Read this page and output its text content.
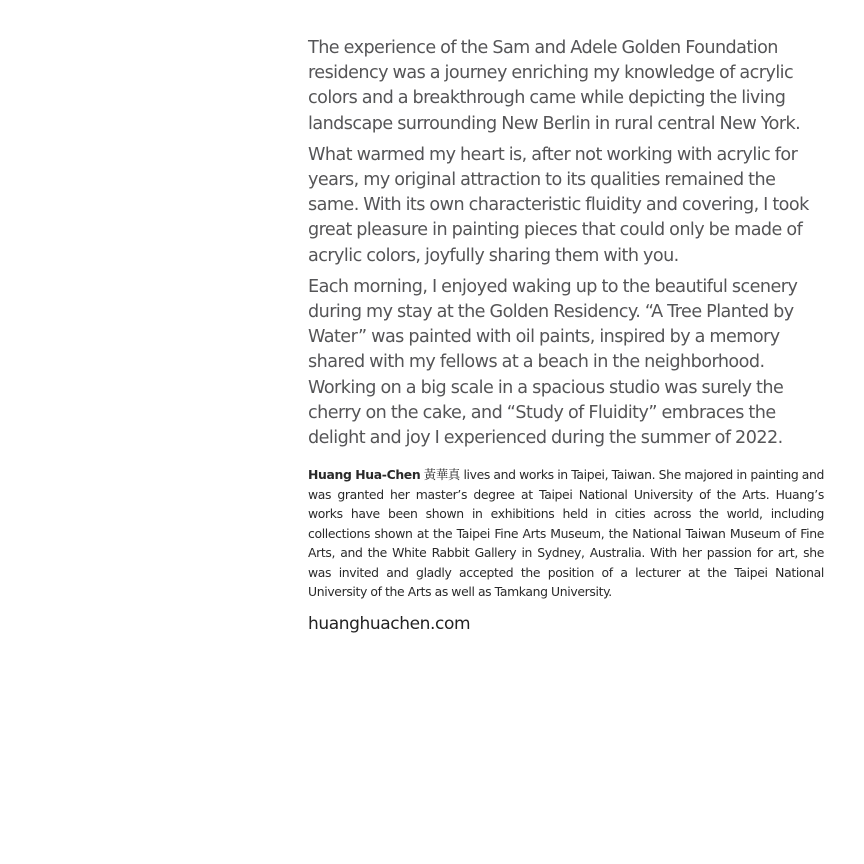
The experience of the Sam and Adele Golden Foundation residency was a journey enriching my knowledge of acrylic colors and a breakthrough came while depicting the living landscape surrounding New Berlin in rural central New York.

What warmed my heart is, after not working with acrylic for years, my original attraction to its qualities remained the same. With its own characteristic fluidity and covering, I took great pleasure in painting pieces that could only be made of acrylic colors, joyfully sharing them with you.

Each morning, I enjoyed waking up to the beautiful scenery during my stay at the Golden Residency. “A Tree Planted by Water” was painted with oil paints, inspired by a memory shared with my fellows at a beach in the neighborhood. Working on a big scale in a spacious studio was surely the cherry on the cake, and “Study of Fluidity” embraces the delight and joy I experienced during the summer of 2022.

Huang Hua-Chen 黃華真 lives and works in Taipei, Taiwan. She majored in painting and was granted her master’s degree at Taipei National University of the Arts. Huang’s works have been shown in exhibitions held in cities across the world, including collections shown at the Taipei Fine Arts Museum, the National Taiwan Museum of Fine Arts, and the White Rabbit Gallery in Sydney, Australia. With her passion for art, she was invited and gladly accepted the position of a lecturer at the Taipei National University of the Arts as well as Tamkang University.
huanghuachen.com
